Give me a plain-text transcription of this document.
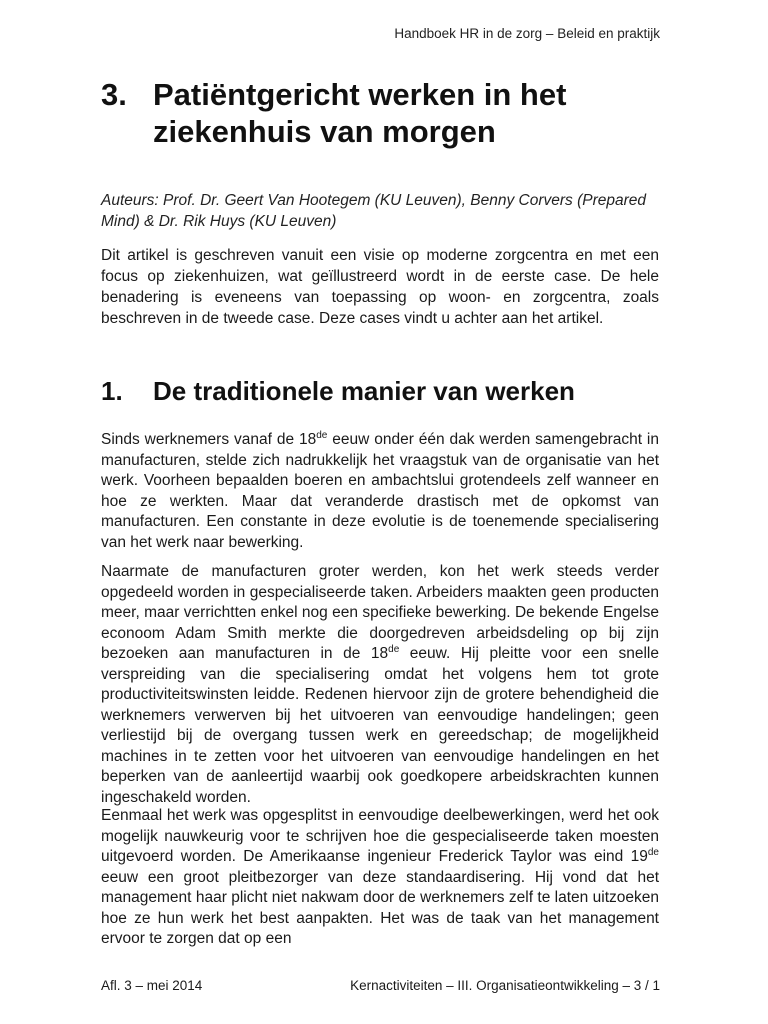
Handboek HR in de zorg – Beleid en praktijk
3. Patiëntgericht werken in het ziekenhuis van morgen
Auteurs: Prof. Dr. Geert Van Hootegem (KU Leuven), Benny Corvers (Prepared Mind) & Dr. Rik Huys (KU Leuven)
Dit artikel is geschreven vanuit een visie op moderne zorgcentra en met een focus op ziekenhuizen, wat geïllustreerd wordt in de eerste case. De hele benadering is eveneens van toepassing op woon- en zorgcentra, zoals beschreven in de tweede case. Deze cases vindt u achter aan het artikel.
1.	De traditionele manier van werken
Sinds werknemers vanaf de 18de eeuw onder één dak werden samengebracht in manufacturen, stelde zich nadrukkelijk het vraagstuk van de organisatie van het werk. Voorheen bepaalden boeren en ambachtslui grotendeels zelf wanneer en hoe ze werkten. Maar dat veranderde drastisch met de opkomst van manufacturen. Een constante in deze evolutie is de toenemende specialisering van het werk naar bewerking.
Naarmate de manufacturen groter werden, kon het werk steeds verder opgedeeld worden in gespecialiseerde taken. Arbeiders maakten geen producten meer, maar verrichtten enkel nog een specifieke bewerking. De bekende Engelse econoom Adam Smith merkte die doorgedreven arbeidsdeling op bij zijn bezoeken aan manufacturen in de 18de eeuw. Hij pleitte voor een snelle verspreiding van die specialisering omdat het volgens hem tot grote productiviteitswinsten leidde. Redenen hiervoor zijn de grotere behendigheid die werknemers verwerven bij het uitvoeren van eenvoudige handelingen; geen verliestijd bij de overgang tussen werk en gereedschap; de mogelijkheid machines in te zetten voor het uitvoeren van eenvoudige handelingen en het beperken van de aanleertijd waarbij ook goedkopere arbeidskrachten kunnen ingeschakeld worden.
Eenmaal het werk was opgesplitst in eenvoudige deelbewerkingen, werd het ook mogelijk nauwkeurig voor te schrijven hoe die gespecialiseerde taken moesten uitgevoerd worden. De Amerikaanse ingenieur Frederick Taylor was eind 19de eeuw een groot pleitbezorger van deze standaardisering. Hij vond dat het management haar plicht niet nakwam door de werknemers zelf te laten uitzoeken hoe ze hun werk het best aanpakten. Het was de taak van het management ervoor te zorgen dat op een
Afl. 3 – mei 2014	Kernactiviteiten – III. Organisatieontwikkeling – 3 / 1
